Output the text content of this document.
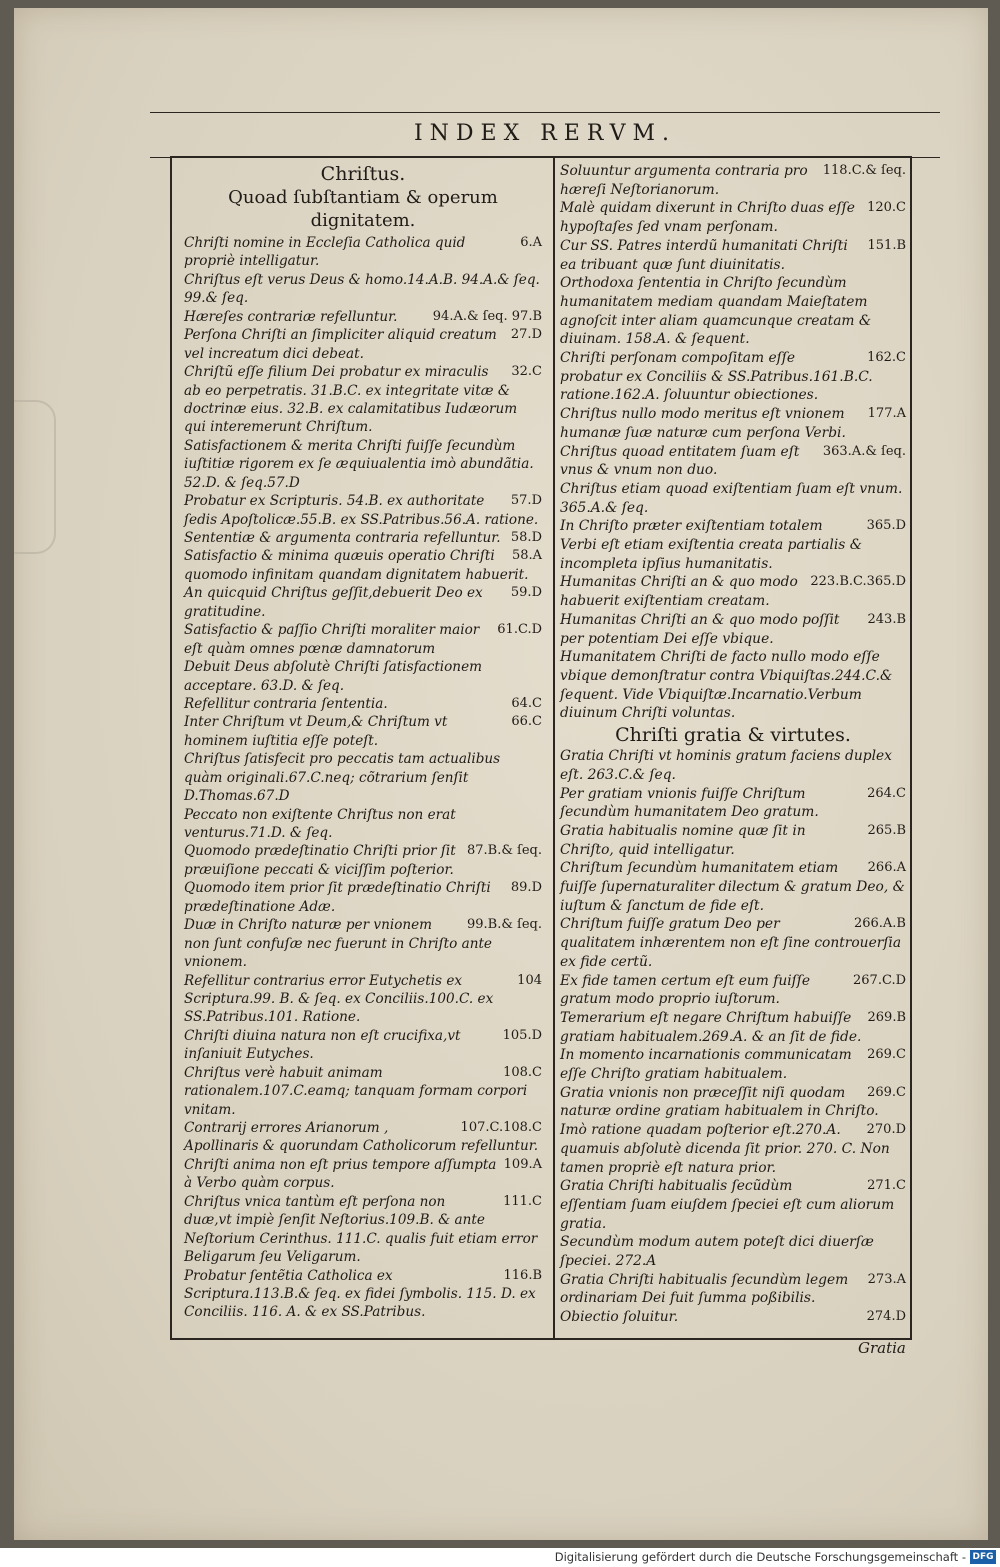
INDEX RERVM.
Chriſtus.
Quoad ſubſtantiam & operum dignitatem.

6.A
Chriſti nomine in Eccleſia Catholica quid propriè intelligatur.

Chriſtus eſt verus Deus & homo.14.A.B. 94.A.& ſeq. 99.& ſeq.

94.A.& ſeq. 97.B
Hæreſes contrariæ refelluntur.

27.D
Perſona Chriſti an ſimpliciter aliquid creatum vel increatum dici debeat.

32.C
Chriſtũ eſſe filium Dei probatur ex miraculis ab eo perpetratis. 31.B.C. ex integritate vitæ & doctrinæ eius. 32.B. ex calamitatibus Iudæorum qui interemerunt Chriſtum.

Satisfactionem & merita Chriſti fuiſſe ſecundùm iuſtitiæ rigorem ex ſe æquiualentia imò abundãtia. 52.D. & ſeq.57.D

57.D
Probatur ex Scripturis. 54.B. ex authoritate ſedis Apoſtolicæ.55.B. ex SS.Patribus.56.A. ratione.

58.D
Sententiæ & argumenta contraria refelluntur.

58.A
Satisfactio & minima quæuis operatio Chriſti quomodo infinitam quandam dignitatem habuerit.

59.D
An quicquid Chriſtus geſſit,debuerit Deo ex gratitudine.

61.C.D
Satisfactio & paſſio Chriſti moraliter maior eſt quàm omnes pœnæ damnatorum

Debuit Deus abſolutè Chriſti ſatisfactionem acceptare. 63.D. & ſeq.

64.C
Refellitur contraria ſententia.

66.C
Inter Chriſtum vt Deum,& Chriſtum vt hominem iuſtitia eſſe poteſt.

Chriſtus ſatisfecit pro peccatis tam actualibus quàm originali.67.C.neq; cõtrarium ſenſit D.Thomas.67.D

Peccato non exiſtente Chriſtus non erat venturus.71.D. & ſeq.

87.B.& ſeq.
Quomodo prædeſtinatio Chriſti prior ſit præuiſione peccati & viciſſim poſterior.

89.D
Quomodo item prior ſit prædeſtinatio Chriſti prædeſtinatione Adæ.

99.B.& ſeq.
Duæ in Chriſto naturæ per vnionem non ſunt confuſæ nec fuerunt in Chriſto ante vnionem.

104
Refellitur contrarius error Eutychetis ex Scriptura.99. B. & ſeq. ex Conciliis.100.C. ex SS.Patribus.101. Ratione.

105.D
Chriſti diuina natura non eſt crucifixa,vt inſaniuit Eutyches.

108.C
Chriſtus verè habuit animam rationalem.107.C.eamq; tanquam formam corpori vnitam.

107.C.108.C
Contrarij errores Arianorum , Apollinaris & quorundam Catholicorum refelluntur.

109.A
Chriſti anima non eſt prius tempore aſſumpta à Verbo quàm corpus.

111.C
Chriſtus vnica tantùm eſt perſona non duæ,vt impiè ſenſit Neſtorius.109.B. & ante Neſtorium Cerinthus. 111.C. qualis fuit etiam error Beligarum ſeu Veligarum.

116.B
Probatur ſentẽtia Catholica ex Scriptura.113.B.& ſeq. ex fidei ſymbolis. 115. D. ex Conciliis. 116. A. & ex SS.Patribus.

118.C.& ſeq.
Soluuntur argumenta contraria pro hæreſi Neſtorianorum.

120.C
Malè quidam dixerunt in Chriſto duas eſſe hypoſtaſes ſed vnam perſonam.

151.B
Cur SS. Patres interdũ humanitati Chriſti ea tribuant quæ ſunt diuinitatis.

Orthodoxa ſententia in Chriſto ſecundùm humanitatem mediam quandam Maieſtatem agnoſcit inter aliam quamcunque creatam & diuinam. 158.A. & ſequent.

162.C
Chriſti perſonam compoſitam eſſe probatur ex Conciliis & SS.Patribus.161.B.C. ratione.162.A. ſoluuntur obiectiones.

177.A
Chriſtus nullo modo meritus eſt vnionem humanæ ſuæ naturæ cum perſona Verbi.

363.A.& ſeq.
Chriſtus quoad entitatem ſuam eſt vnus & vnum non duo.

Chriſtus etiam quoad exiſtentiam ſuam eſt vnum. 365.A.& ſeq.

365.D
In Chriſto præter exiſtentiam totalem Verbi eſt etiam exiſtentia creata partialis & incompleta ipſius humanitatis.

223.B.C.365.D
Humanitas Chriſti an & quo modo habuerit exiſtentiam creatam.

243.B
Humanitas Chriſti an & quo modo poſſit per potentiam Dei eſſe vbique.

Humanitatem Chriſti de facto nullo modo eſſe vbique demonſtratur contra Vbiquiſtas.244.C.& ſequent. Vide Vbiquiſtæ.Incarnatio.Verbum diuinum Chriſti voluntas.

Chriſti gratia & virtutes.

Gratia Chriſti vt hominis gratum faciens duplex eſt. 263.C.& ſeq.

264.C
Per gratiam vnionis fuiſſe Chriſtum ſecundùm humanitatem Deo gratum.

265.B
Gratia habitualis nomine quæ ſit in Chriſto, quid intelligatur.

266.A
Chriſtum ſecundùm humanitatem etiam fuiſſe ſupernaturaliter dilectum & gratum Deo, & iuſtum & ſanctum de fide eſt.

266.A.B
Chriſtum fuiſſe gratum Deo per qualitatem inhærentem non eſt ſine controuerſia ex fide certũ.

267.C.D
Ex fide tamen certum eſt eum fuiſſe gratum modo proprio iuſtorum.

269.B
Temerarium eſt negare Chriſtum habuiſſe gratiam habitualem.269.A. & an ſit de fide.

269.C
In momento incarnationis communicatam eſſe Chriſto gratiam habitualem.

269.C
Gratia vnionis non præceſſit niſi quodam naturæ ordine gratiam habitualem in Chriſto.

270.D
Imò ratione quadam poſterior eſt.270.A. quamuis abſolutè dicenda ſit prior. 270. C. Non tamen propriè eſt natura prior.

271.C
Gratia Chriſti habitualis ſecũdùm eſſentiam ſuam eiuſdem ſpeciei eſt cum aliorum gratia.

Secundùm modum autem poteſt dici diuerſæ ſpeciei. 272.A

273.A
Gratia Chriſti habitualis ſecundùm legem ordinariam Dei fuit ſumma poßibilis.

274.D
Obiectio ſoluitur.

Gratia
Digitalisierung gefördert durch die Deutsche Forschungsgemeinschaft - DFG
